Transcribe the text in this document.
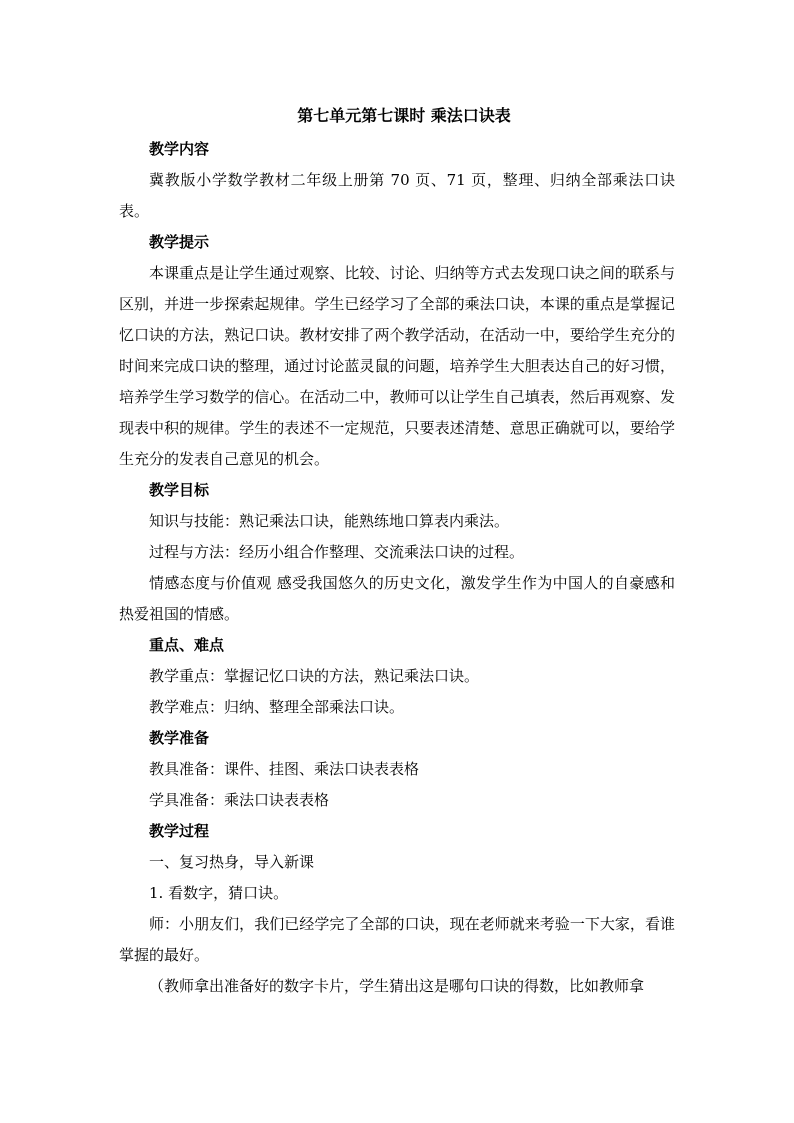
第七单元第七课时 乘法口诀表
教学内容
冀教版小学数学教材二年级上册第 70 页、71 页，整理、归纳全部乘法口诀表。
教学提示
本课重点是让学生通过观察、比较、讨论、归纳等方式去发现口诀之间的联系与区别，并进一步探索起规律。学生已经学习了全部的乘法口诀，本课的重点是掌握记忆口诀的方法，熟记口诀。教材安排了两个教学活动，在活动一中，要给学生充分的时间来完成口诀的整理，通过讨论蓝灵鼠的问题，培养学生大胆表达自己的好习惯，培养学生学习数学的信心。在活动二中，教师可以让学生自己填表，然后再观察、发现表中积的规律。学生的表述不一定规范，只要表述清楚、意思正确就可以，要给学生充分的发表自己意见的机会。
教学目标
知识与技能：熟记乘法口诀，能熟练地口算表内乘法。
过程与方法：经历小组合作整理、交流乘法口诀的过程。
情感态度与价值观 感受我国悠久的历史文化，激发学生作为中国人的自豪感和热爱祖国的情感。
重点、难点
教学重点：掌握记忆口诀的方法，熟记乘法口诀。
教学难点：归纳、整理全部乘法口诀。
教学准备
教具准备：课件、挂图、乘法口诀表表格
学具准备：乘法口诀表表格
教学过程
一、复习热身，导入新课
1. 看数字，猜口诀。
师：小朋友们，我们已经学完了全部的口诀，现在老师就来考验一下大家，看谁掌握的最好。
（教师拿出准备好的数字卡片，学生猜出这是哪句口诀的得数，比如教师拿
